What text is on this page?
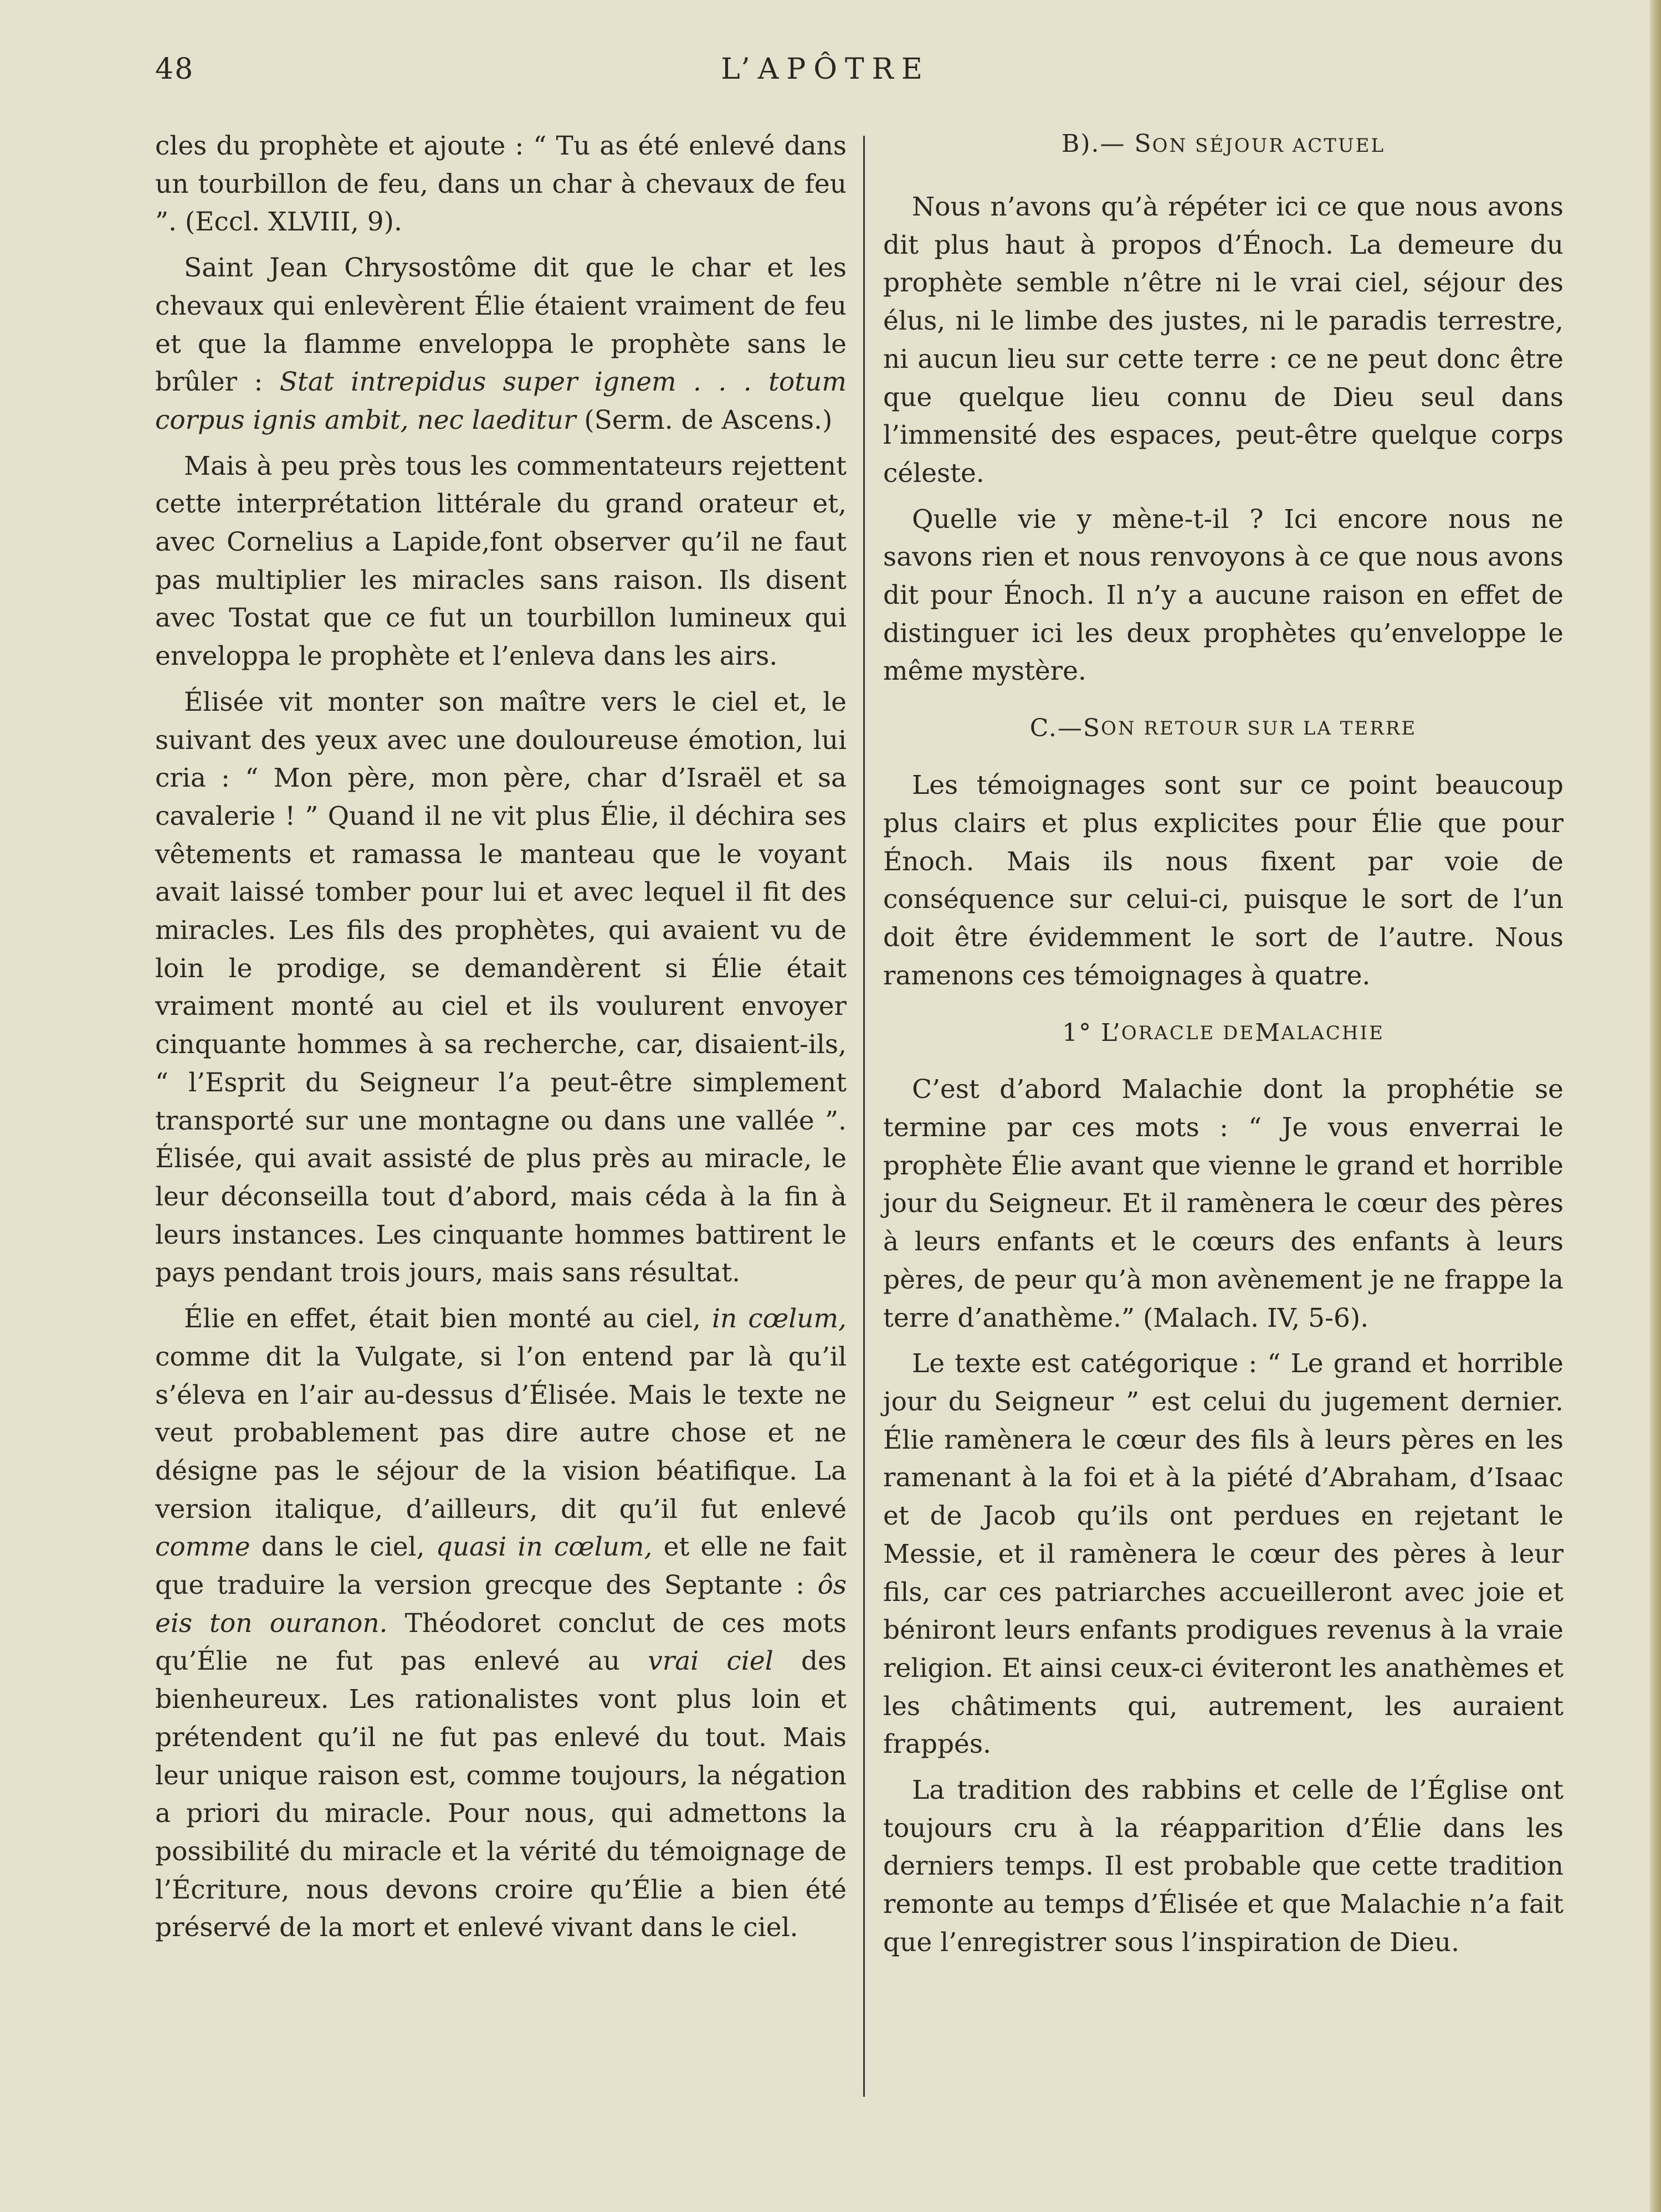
48	L’APÔTRE

cles du prophète et ajoute : “ Tu as été enlevé dans un tourbillon de feu, dans un char à chevaux de feu ”. (Eccl. XLVIII, 9).

Saint Jean Chrysostôme dit que le char et les chevaux qui enlevèrent Élie étaient vraiment de feu et que la flamme enveloppa le prophète sans le brûler : Stat intrepidus super ignem . . . totum corpus ignis ambit, nec laeditur (Serm. de Ascens.)

Mais à peu près tous les commentateurs rejettent cette interprétation littérale du grand orateur et, avec Cornelius a Lapide,font observer qu’il ne faut pas multiplier les miracles sans raison. Ils disent avec Tostat que ce fut un tourbillon lumineux qui enveloppa le prophète et l’enleva dans les airs.

Élisée vit monter son maître vers le ciel et, le suivant des yeux avec une douloureuse émotion, lui cria : “ Mon père, mon père, char d’Israël et sa cavalerie ! ” Quand il ne vit plus Élie, il déchira ses vêtements et ramassa le manteau que le voyant avait laissé tomber pour lui et avec lequel il fit des miracles. Les fils des prophètes, qui avaient vu de loin le prodige, se demandèrent si Élie était vraiment monté au ciel et ils voulurent envoyer cinquante hommes à sa recherche, car, disaient-ils, “ l’Esprit du Seigneur l’a peut-être simplement transporté sur une montagne ou dans une vallée ”. Élisée, qui avait assisté de plus près au miracle, le leur déconseilla tout d’abord, mais céda à la fin à leurs instances. Les cinquante hommes battirent le pays pendant trois jours, mais sans résultat.

Élie en effet, était bien monté au ciel, in cœlum, comme dit la Vulgate, si l’on entend par là qu’il s’éleva en l’air au-dessus d’Élisée. Mais le texte ne veut probablement pas dire autre chose et ne désigne pas le séjour de la vision béatifique. La version italique, d’ailleurs, dit qu’il fut enlevé comme dans le ciel, quasi in cœlum, et elle ne fait que traduire la version grecque des Septante : ôs eis ton ouranon. Théodoret conclut de ces mots qu’Élie ne fut pas enlevé au vrai ciel des bienheureux. Les rationalistes vont plus loin et prétendent qu’il ne fut pas enlevé du tout. Mais leur unique raison est, comme toujours, la négation a priori du miracle. Pour nous, qui admettons la possibilité du miracle et la vérité du témoignage de l’Écriture, nous devons croire qu’Élie a bien été préservé de la mort et enlevé vivant dans le ciel.

B).— SON SÉJOUR ACTUEL

Nous n’avons qu’à répéter ici ce que nous avons dit plus haut à propos d’Énoch. La demeure du prophète semble n’être ni le vrai ciel, séjour des élus, ni le limbe des justes, ni le paradis terrestre, ni aucun lieu sur cette terre : ce ne peut donc être que quelque lieu connu de Dieu seul dans l’immensité des espaces, peut-être quelque corps céleste.

Quelle vie y mène-t-il ? Ici encore nous ne savons rien et nous renvoyons à ce que nous avons dit pour Énoch. Il n’y a aucune raison en effet de distinguer ici les deux prophètes qu’enveloppe le même mystère.

C.—S ON RETOUR SUR LA TERRE

Les témoignages sont sur ce point beaucoup plus clairs et plus explicites pour Élie que pour Énoch. Mais ils nous fixent par voie de conséquence sur celui-ci, puisque le sort de l’un doit être évidemment le sort de l’autre. Nous ramenons ces témoignages à quatre.

1° L’ ORACLE DE M ALACHIE

C’est d’abord Malachie dont la prophétie se termine par ces mots : “ Je vous enverrai le prophète Élie avant que vienne le grand et horrible jour du Seigneur. Et il ramènera le cœur des pères à leurs enfants et le cœurs des enfants à leurs pères, de peur qu’à mon avènement je ne frappe la terre d’anathème.” (Malach. IV, 5-6).

Le texte est catégorique : “ Le grand et horrible jour du Seigneur ” est celui du jugement dernier. Élie ramènera le cœur des fils à leurs pères en les ramenant à la foi et à la piété d’Abraham, d’Isaac et de Jacob qu’ils ont perdues en rejetant le Messie, et il ramènera le cœur des pères à leur fils, car ces patriarches accueilleront avec joie et béniront leurs enfants prodigues revenus à la vraie religion. Et ainsi ceux-ci éviteront les anathèmes et les châtiments qui, autrement, les auraient frappés.

La tradition des rabbins et celle de l’Église ont toujours cru à la réapparition d’Élie dans les derniers temps. Il est probable que cette tradition remonte au temps d’Élisée et que Malachie n’a fait que l’enregistrer sous l’inspiration de Dieu.
